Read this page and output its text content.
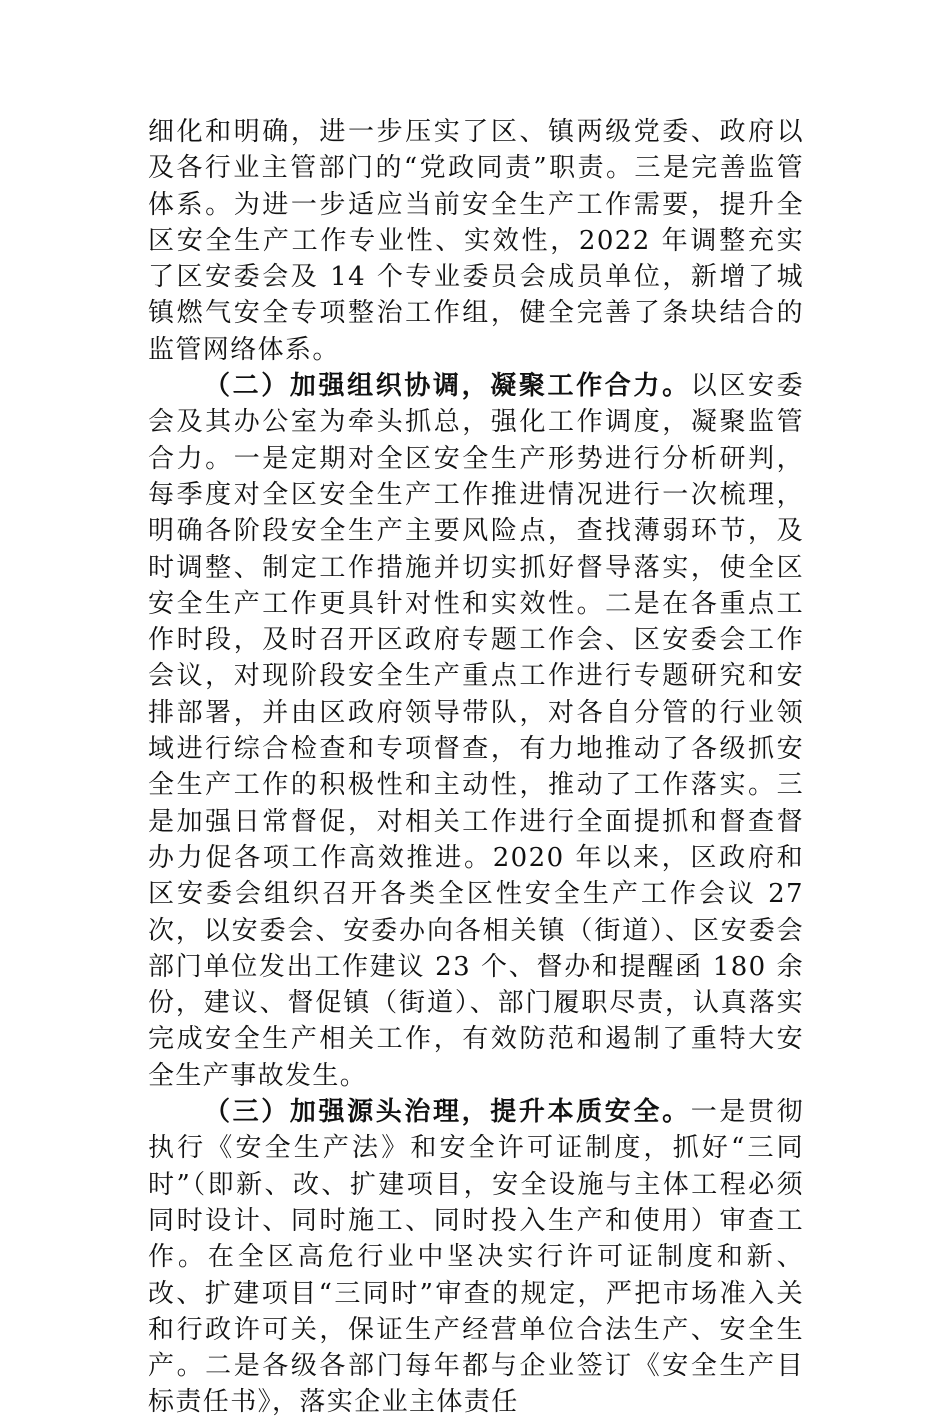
细化和明确，进一步压实了区、镇两级党委、政府以及各行业主管部门的“党政同责”职责。三是完善监管体系。为进一步适应当前安全生产工作需要，提升全区安全生产工作专业性、实效性，2022 年调整充实了区安委会及 14 个专业委员会成员单位，新增了城镇燃气安全专项整治工作组，健全完善了条块结合的监管网络体系。

（二）加强组织协调，凝聚工作合力。以区安委会及其办公室为牵头抓总，强化工作调度，凝聚监管合力。一是定期对全区安全生产形势进行分析研判，每季度对全区安全生产工作推进情况进行一次梳理，明确各阶段安全生产主要风险点，查找薄弱环节，及时调整、制定工作措施并切实抓好督导落实，使全区安全生产工作更具针对性和实效性。二是在各重点工作时段，及时召开区政府专题工作会、区安委会工作会议，对现阶段安全生产重点工作进行专题研究和安排部署，并由区政府领导带队，对各自分管的行业领域进行综合检查和专项督查，有力地推动了各级抓安全生产工作的积极性和主动性，推动了工作落实。三是加强日常督促，对相关工作进行全面提抓和督查督办力促各项工作高效推进。2020 年以来，区政府和区安委会组织召开各类全区性安全生产工作会议 27 次，以安委会、安委办向各相关镇（街道）、区安委会部门单位发出工作建议 23 个、督办和提醒函 180 余份，建议、督促镇（街道）、部门履职尽责，认真落实完成安全生产相关工作，有效防范和遏制了重特大安全生产事故发生。

（三）加强源头治理，提升本质安全。一是贯彻执行《安全生产法》和安全许可证制度，抓好“三同时”（即新、改、扩建项目，安全设施与主体工程必须同时设计、同时施工、同时投入生产和使用）审查工作。在全区高危行业中坚决实行许可证制度和新、改、扩建项目“三同时”审查的规定，严把市场准入关和行政许可关，保证生产经营单位合法生产、安全生产。二是各级各部门每年都与企业签订《安全生产目标责任书》，落实企业主体责任
